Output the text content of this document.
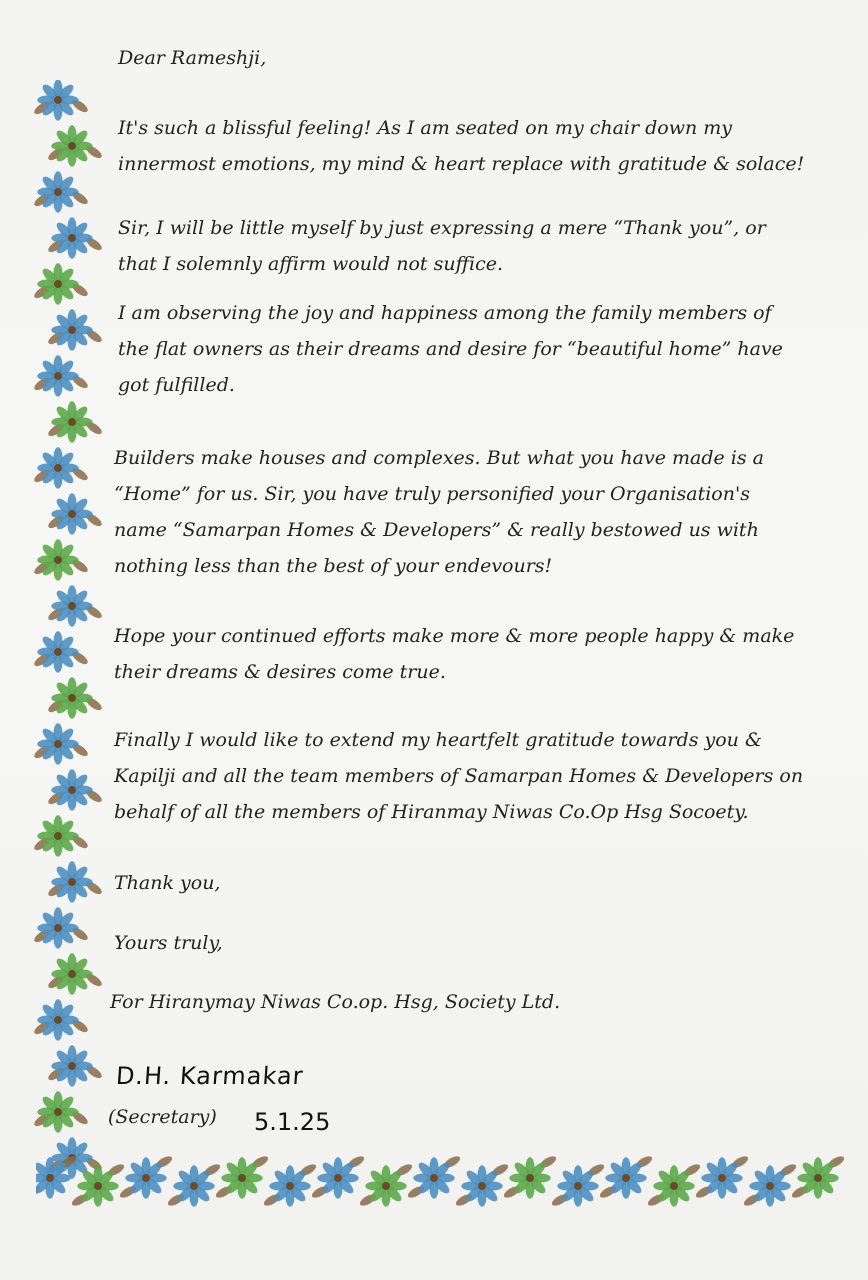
Dear Rameshji,

It's such a blissful feeling! As I am seated on my chair down my innermost emotions, my mind & heart replace with gratitude & solace!

Sir, I will be little myself by just expressing a mere “Thank you”, or that I solemnly affirm would not suffice.

I am observing the joy and happiness among the family members of the flat owners as their dreams and desire for “beautiful home” have got fulfilled.

Builders make houses and complexes. But what you have made is a “Home” for us. Sir, you have truly personified your Organisation's name “Samarpan Homes & Developers” & really bestowed us with nothing less than the best of your endevours!

Hope your continued efforts make more & more people happy & make their dreams & desires come true.

Finally I would like to extend my heartfelt gratitude towards you & Kapilji and all the team members of Samarpan Homes & Developers on behalf of all the members of Hiranmay Niwas Co.Op Hsg Socoety.

Thank you,

Yours truly,

For Hiranymay Niwas Co.op. Hsg, Society Ltd.

D.H. Karmakar
(Secretary) 5.1.25
